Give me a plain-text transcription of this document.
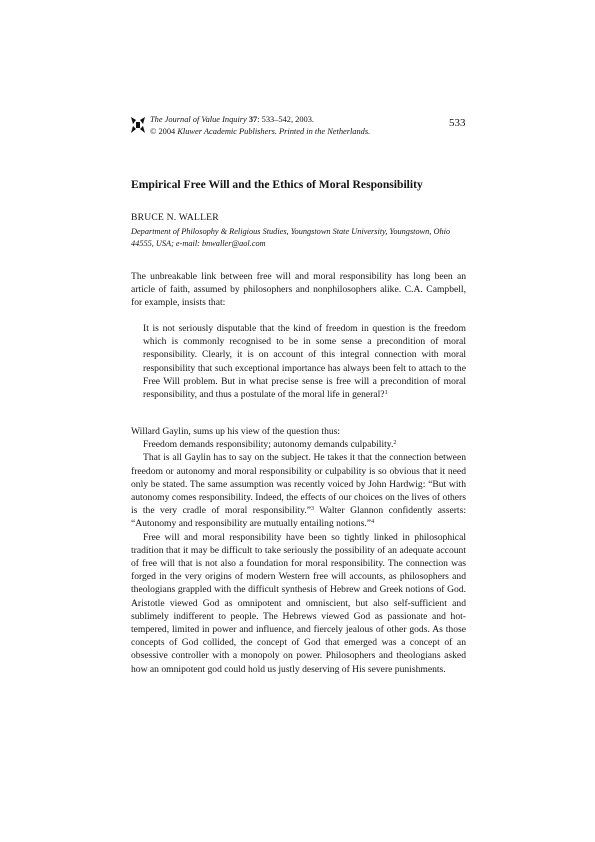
The Journal of Value Inquiry 37: 533–542, 2003.
© 2004 Kluwer Academic Publishers. Printed in the Netherlands.
533
Empirical Free Will and the Ethics of Moral Responsibility
BRUCE N. WALLER
Department of Philosophy & Religious Studies, Youngstown State University, Youngstown, Ohio 44555, USA; e-mail: bnwaller@aol.com
The unbreakable link between free will and moral responsibility has long been an article of faith, assumed by philosophers and nonphilosophers alike. C.A. Campbell, for example, insists that:
It is not seriously disputable that the kind of freedom in question is the freedom which is commonly recognised to be in some sense a precondition of moral responsibility. Clearly, it is on account of this integral connection with moral responsibility that such exceptional importance has always been felt to attach to the Free Will problem. But in what precise sense is free will a precondition of moral responsibility, and thus a postulate of the moral life in general?$^1$

Willard Gaylin, sums up his view of the question thus:

Freedom demands responsibility; autonomy demands culpability.$^2$

That is all Gaylin has to say on the subject. He takes it that the connection between freedom or autonomy and moral responsibility or culpability is so obvious that it need only be stated. The same assumption was recently voiced by John Hardwig: “But with autonomy comes responsibility. Indeed, the effects of our choices on the lives of others is the very cradle of moral responsibility.”$^3$ Walter Glannon confidently asserts: “Autonomy and responsibility are mutually entailing notions.”$^4$

Free will and moral responsibility have been so tightly linked in philosophical tradition that it may be difficult to take seriously the possibility of an adequate account of free will that is not also a foundation for moral responsibility. The connection was forged in the very origins of modern Western free will accounts, as philosophers and theologians grappled with the difficult synthesis of Hebrew and Greek notions of God. Aristotle viewed God as omnipotent and omniscient, but also self-sufficient and sublimely indifferent to people. The Hebrews viewed God as passionate and hot-tempered, limited in power and influence, and fiercely jealous of other gods. As those concepts of God collided, the concept of God that emerged was a concept of an obsessive controller with a monopoly on power. Philosophers and theologians asked how an omnipotent god could hold us justly deserving of His severe punishments.
